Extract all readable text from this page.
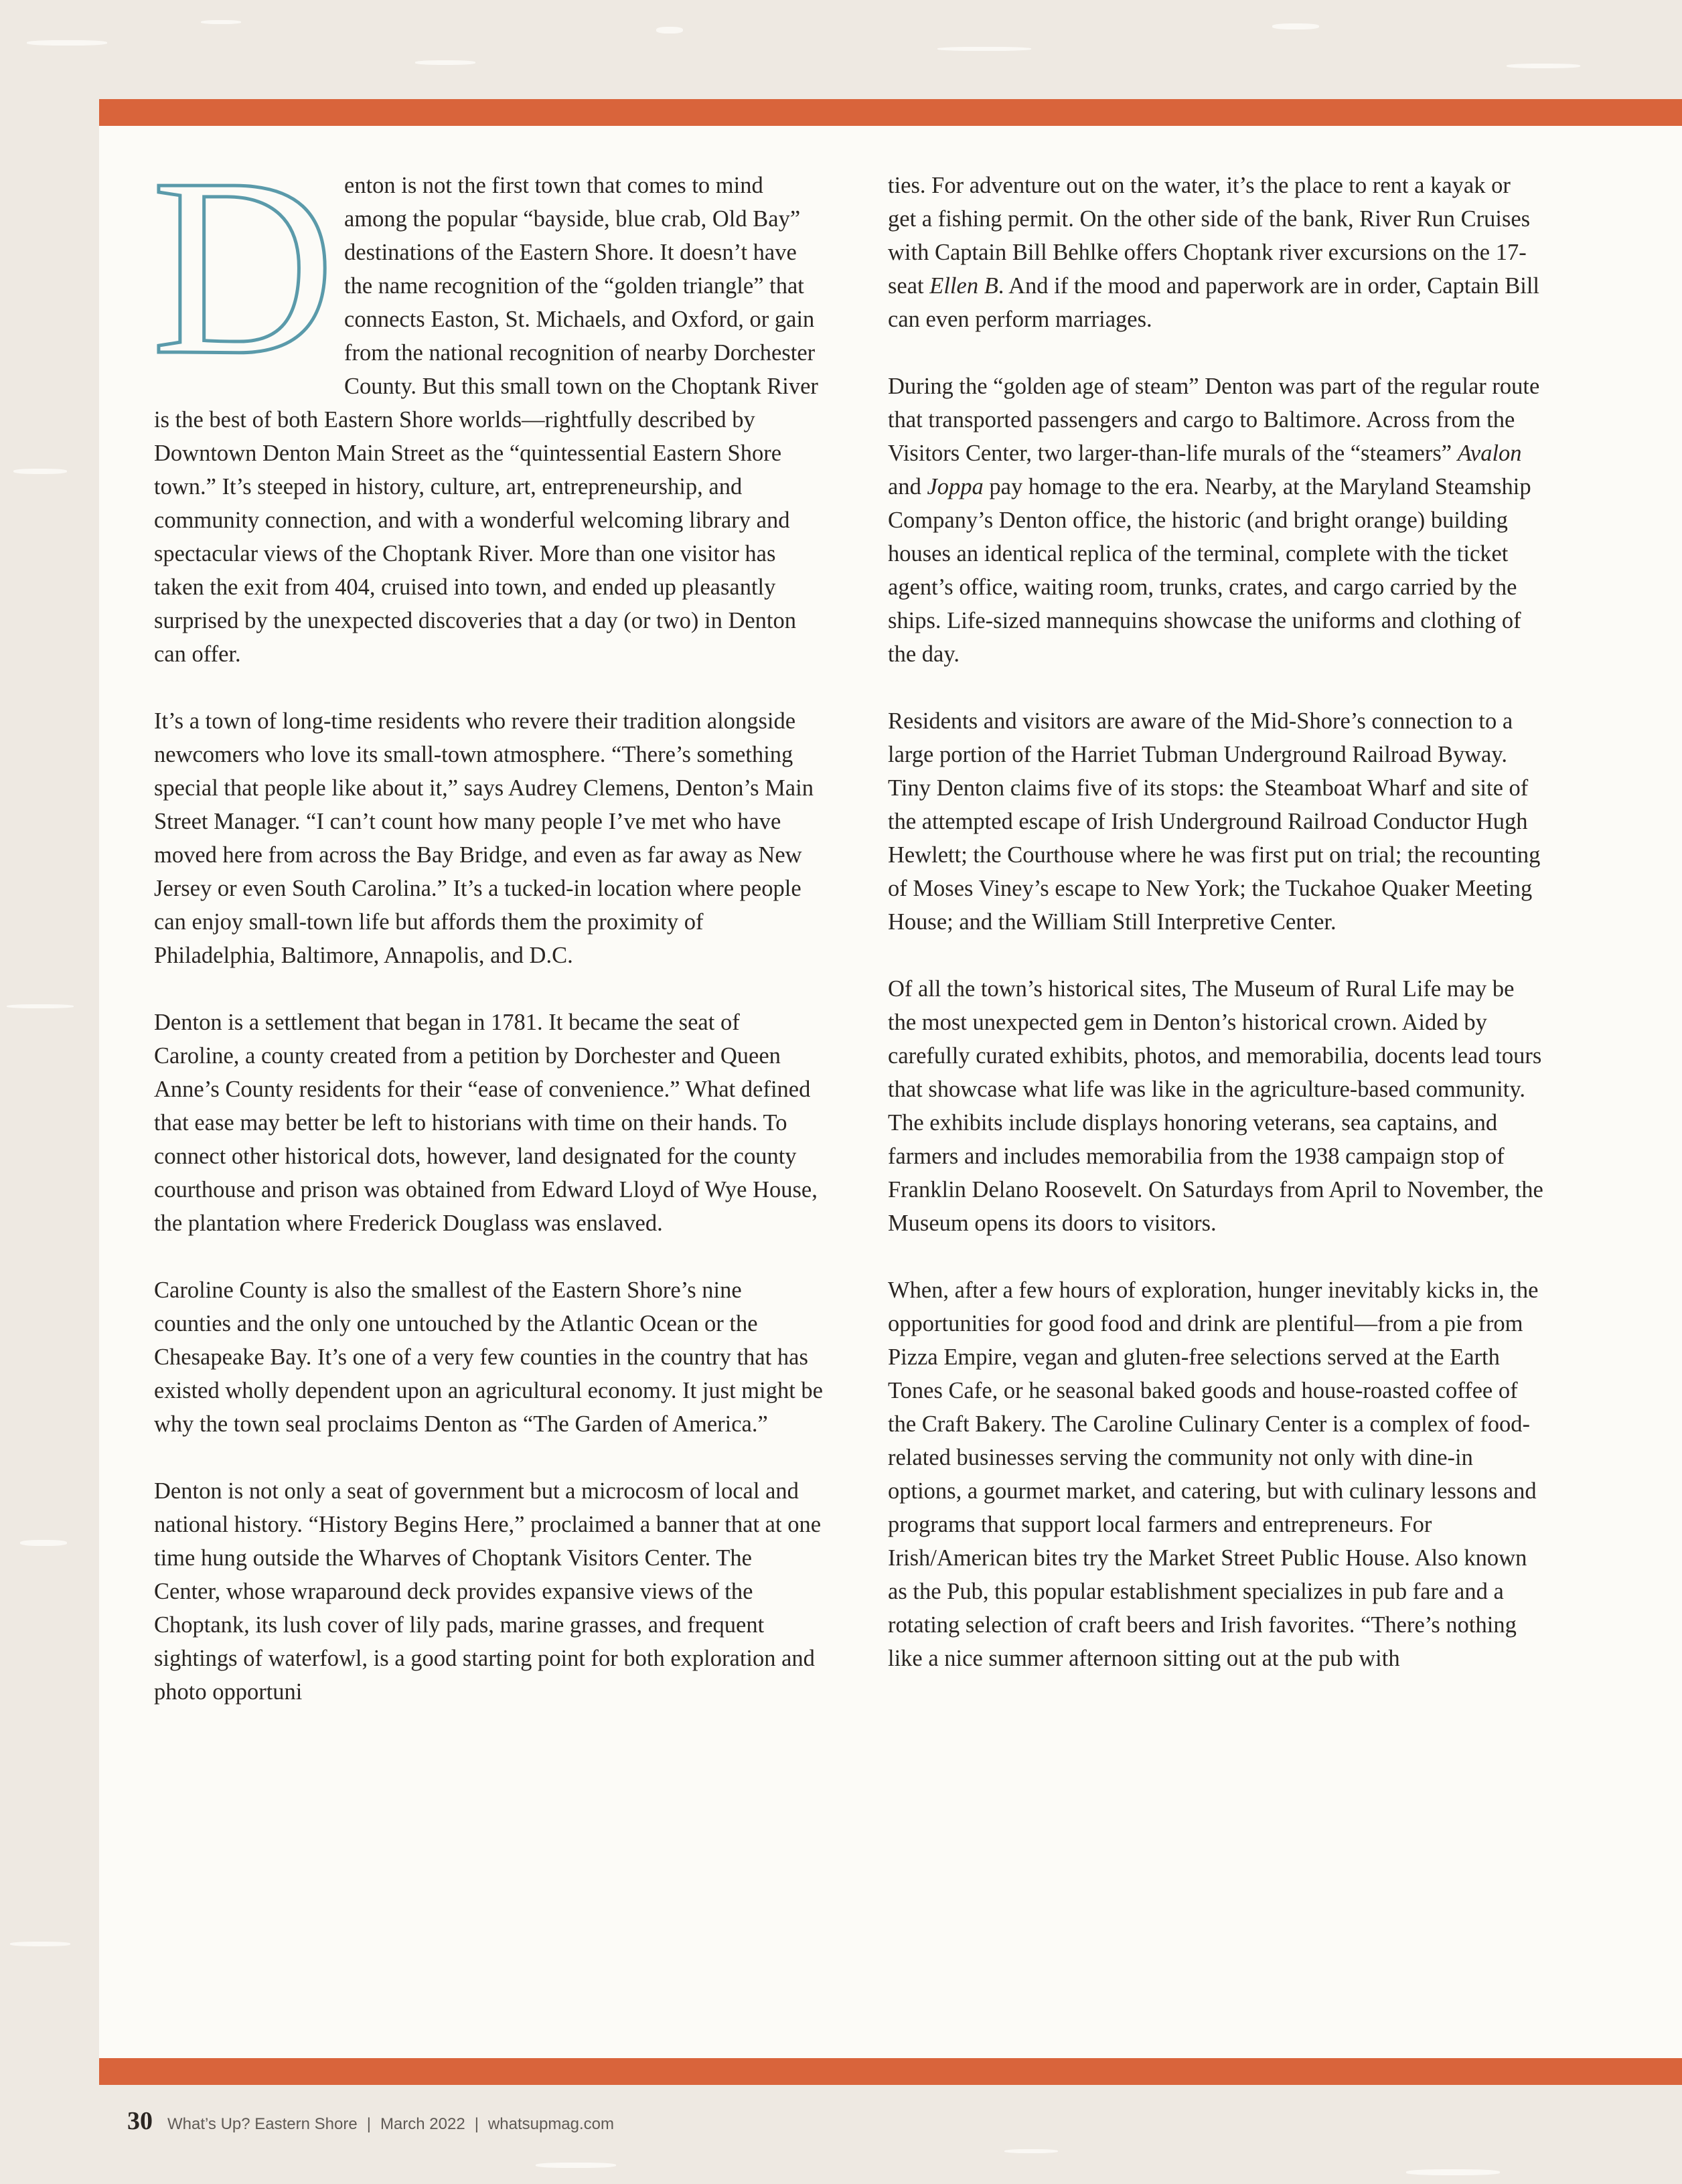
D enton is not the first town that comes to mind among the popular “bayside, blue crab, Old Bay” destinations of the Eastern Shore. It doesn’t have the name recognition of the “golden triangle” that connects Easton, St. Michaels, and Oxford, or gain from the national recognition of nearby Dorchester County. But this small town on the Choptank River is the best of both Eastern Shore worlds—rightfully described by Downtown Denton Main Street as the “quintessential Eastern Shore town.” It’s steeped in history, culture, art, entrepreneurship, and community connection, and with a wonderful welcoming library and spectacular views of the Choptank River. More than one visitor has taken the exit from 404, cruised into town, and ended up pleasantly surprised by the unexpected discoveries that a day (or two) in Denton can offer.

It’s a town of long-time residents who revere their tradition alongside newcomers who love its small-town atmosphere. “There’s something special that people like about it,” says Audrey Clemens, Denton’s Main Street Manager. “I can’t count how many people I’ve met who have moved here from across the Bay Bridge, and even as far away as New Jersey or even South Carolina.” It’s a tucked-in location where people can enjoy small-town life but affords them the proximity of Philadelphia, Baltimore, Annapolis, and D.C.

Denton is a settlement that began in 1781. It became the seat of Caroline, a county created from a petition by Dorchester and Queen Anne’s County residents for their “ease of convenience.” What defined that ease may better be left to historians with time on their hands. To connect other historical dots, however, land designated for the county courthouse and prison was obtained from Edward Lloyd of Wye House, the plantation where Frederick Douglass was enslaved.

Caroline County is also the smallest of the Eastern Shore’s nine counties and the only one untouched by the Atlantic Ocean or the Chesapeake Bay. It’s one of a very few counties in the country that has existed wholly dependent upon an agricultural economy. It just might be why the town seal proclaims Denton as “The Garden of America.”

Denton is not only a seat of government but a microcosm of local and national history. “History Begins Here,” proclaimed a banner that at one time hung outside the Wharves of Choptank Visitors Center. The Center, whose wraparound deck provides expansive views of the Choptank, its lush cover of lily pads, marine grasses, and frequent sightings of waterfowl, is a good starting point for both exploration and photo opportuni

ties. For adventure out on the water, it’s the place to rent a kayak or get a fishing permit. On the other side of the bank, River Run Cruises with Captain Bill Behlke offers Choptank river excursions on the 17-seat Ellen B. And if the mood and paperwork are in order, Captain Bill can even perform marriages.

During the “golden age of steam” Denton was part of the regular route that transported passengers and cargo to Baltimore. Across from the Visitors Center, two larger-than-life murals of the “steamers” Avalon and Joppa pay homage to the era. Nearby, at the Maryland Steamship Company’s Denton office, the historic (and bright orange) building houses an identical replica of the terminal, complete with the ticket agent’s office, waiting room, trunks, crates, and cargo carried by the ships. Life-sized mannequins showcase the uniforms and clothing of the day.

Residents and visitors are aware of the Mid-Shore’s connection to a large portion of the Harriet Tubman Underground Railroad Byway. Tiny Denton claims five of its stops: the Steamboat Wharf and site of the attempted escape of Irish Underground Railroad Conductor Hugh Hewlett; the Courthouse where he was first put on trial; the recounting of Moses Viney’s escape to New York; the Tuckahoe Quaker Meeting House; and the William Still Interpretive Center.

Of all the town’s historical sites, The Museum of Rural Life may be the most unexpected gem in Denton’s historical crown. Aided by carefully curated exhibits, photos, and memorabilia, docents lead tours that showcase what life was like in the agriculture-based community. The exhibits include displays honoring veterans, sea captains, and farmers and includes memorabilia from the 1938 campaign stop of Franklin Delano Roosevelt. On Saturdays from April to November, the Museum opens its doors to visitors.

When, after a few hours of exploration, hunger inevitably kicks in, the opportunities for good food and drink are plentiful—from a pie from Pizza Empire, vegan and gluten-free selections served at the Earth Tones Cafe, or he seasonal baked goods and house-roasted coffee of the Craft Bakery. The Caroline Culinary Center is a complex of food-related businesses serving the community not only with dine-in options, a gourmet market, and catering, but with culinary lessons and programs that support local farmers and entrepreneurs. For Irish/American bites try the Market Street Public House. Also known as the Pub, this popular establishment specializes in pub fare and a rotating selection of craft beers and Irish favorites. “There’s nothing like a nice summer afternoon sitting out at the pub with

30 What’s Up? Eastern Shore | March 2022 | whatsupmag.com
